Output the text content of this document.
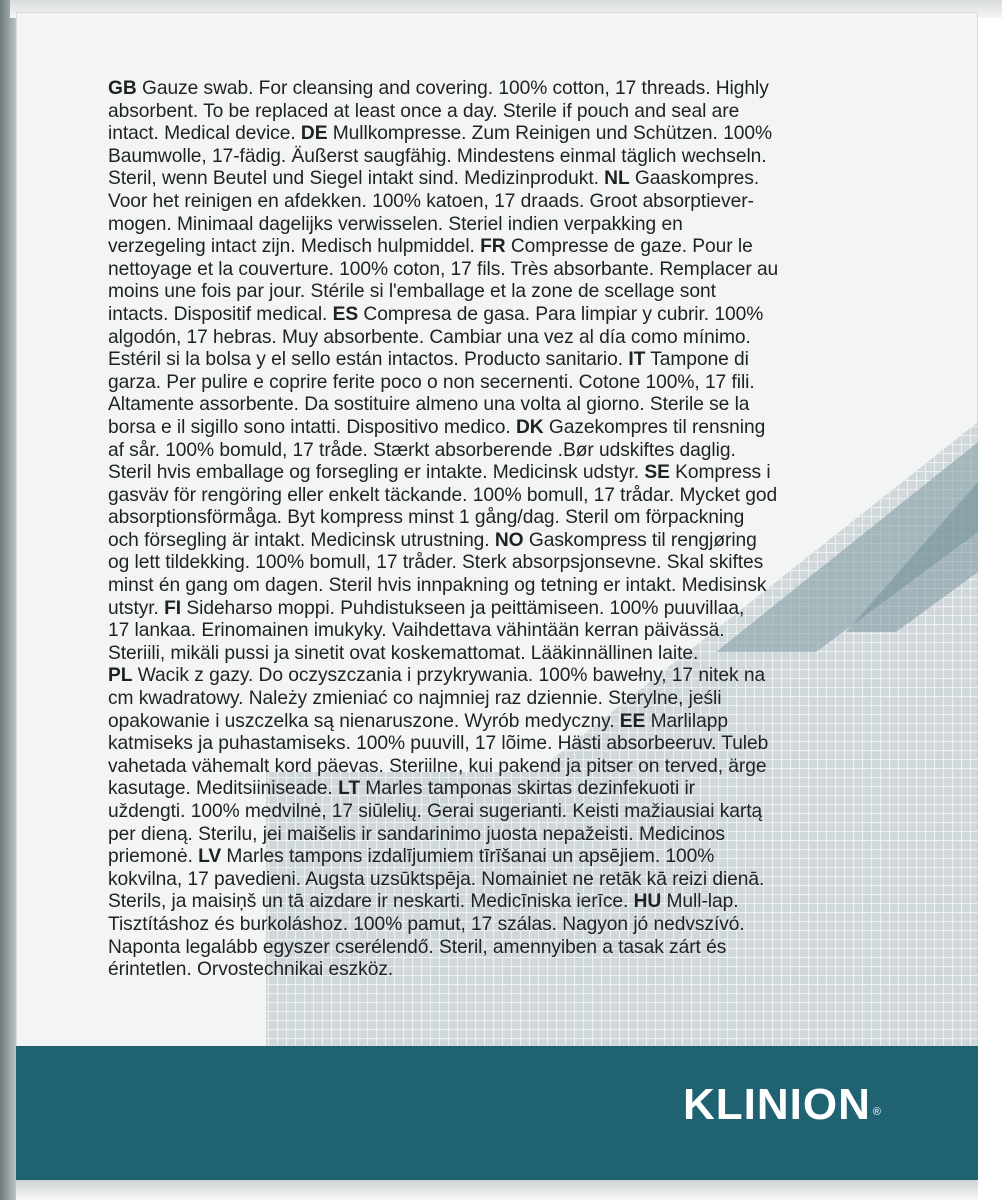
GB Gauze swab. For cleansing and covering. 100% cotton, 17 threads. Highly
absorbent. To be replaced at least once a day. Sterile if pouch and seal are
intact. Medical device. DE Mullkompresse. Zum Reinigen und Schützen. 100%
Baumwolle, 17-fädig. Äußerst saugfähig. Mindestens einmal täglich wechseln.
Steril, wenn Beutel und Siegel intakt sind. Medizinprodukt. NL Gaaskompres.
Voor het reinigen en afdekken. 100% katoen, 17 draads. Groot absorptiever-
mogen. Minimaal dagelijks verwisselen. Steriel indien verpakking en
verzegeling intact zijn. Medisch hulpmiddel. FR Compresse de gaze. Pour le
nettoyage et la couverture. 100% coton, 17 fils. Très absorbante. Remplacer au
moins une fois par jour. Stérile si l'emballage et la zone de scellage sont
intacts. Dispositif medical. ES Compresa de gasa. Para limpiar y cubrir. 100%
algodón, 17 hebras. Muy absorbente. Cambiar una vez al día como mínimo.
Estéril si la bolsa y el sello están intactos. Producto sanitario. IT Tampone di
garza. Per pulire e coprire ferite poco o non secernenti. Cotone 100%, 17 fili.
Altamente assorbente. Da sostituire almeno una volta al giorno. Sterile se la
borsa e il sigillo sono intatti. Dispositivo medico. DK Gazekompres til rensning
af sår. 100% bomuld, 17 tråde. Stærkt absorberende .Bør udskiftes daglig.
Steril hvis emballage og forsegling er intakte. Medicinsk udstyr. SE Kompress i
gasväv för rengöring eller enkelt täckande. 100% bomull, 17 trådar. Mycket god
absorptionsförmåga. Byt kompress minst 1 gång/dag. Steril om förpackning
och försegling är intakt. Medicinsk utrustning. NO Gaskompress til rengjøring
og lett tildekking. 100% bomull, 17 tråder. Sterk absorpsjonsevne. Skal skiftes
minst én gang om dagen. Steril hvis innpakning og tetning er intakt. Medisinsk
utstyr. FI Sideharso moppi. Puhdistukseen ja peittämiseen. 100% puuvillaa,
17 lankaa. Erinomainen imukyky. Vaihdettava vähintään kerran päivässä.
Steriili, mikäli pussi ja sinetit ovat koskemattomat. Lääkinnällinen laite.
PL Wacik z gazy. Do oczyszczania i przykrywania. 100% bawełny, 17 nitek na
cm kwadratowy. Należy zmieniać co najmniej raz dziennie. Sterylne, jeśli
opakowanie i uszczelka są nienaruszone. Wyrób medyczny. EE Marlilapp
katmiseks ja puhastamiseks. 100% puuvill, 17 lõime. Hästi absorbeeruv. Tuleb
vahetada vähemalt kord päevas. Steriilne, kui pakend ja pitser on terved, ärge
kasutage. Meditsiiniseade. LT Marles tamponas skirtas dezinfekuoti ir
uždengti. 100% medvilnė, 17 siūlelių. Gerai sugerianti. Keisti mažiausiai kartą
per dieną. Sterilu, jei maišelis ir sandarinimo juosta nepažeisti. Medicinos
priemonė. LV Marles tampons izdalījumiem tīrīšanai un apsējiem. 100%
kokvilna, 17 pavedieni. Augsta uzsūktspēja. Nomainiet ne retāk kā reizi dienā.
Sterils, ja maisiņš un tā aizdare ir neskarti. Medicīniska ierīce. HU Mull-lap.
Tisztításhoz és burkoláshoz. 100% pamut, 17 szálas. Nagyon jó nedvszívó.
Naponta legalább egyszer cserélendő. Steril, amennyiben a tasak zárt és
érintetlen. Orvostechnikai eszköz.
KLINION ®
